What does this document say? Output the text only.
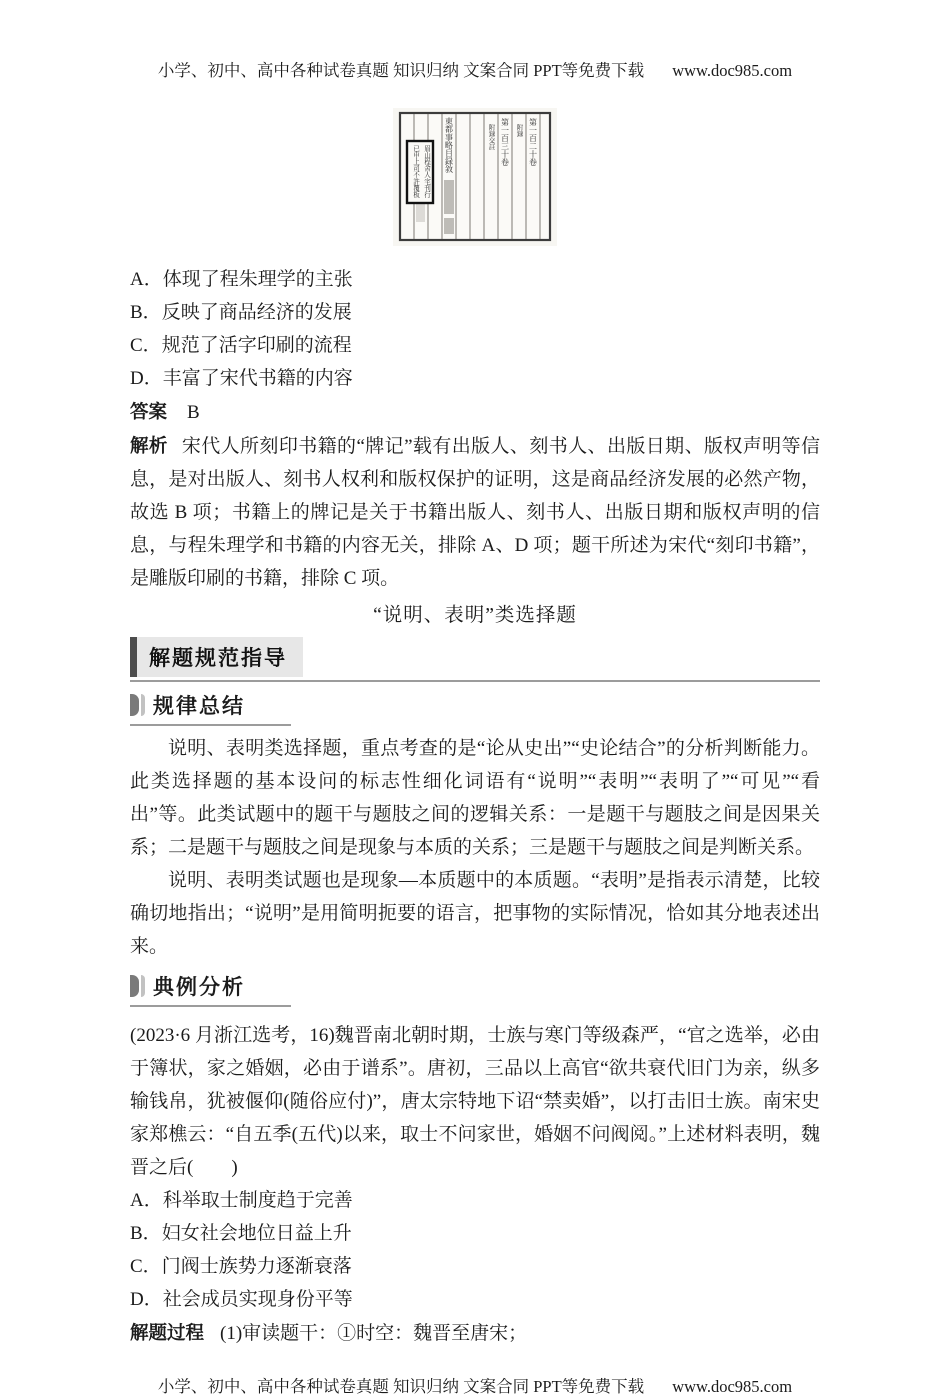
小学、初中、高中各种试卷真题 知识归纳 文案合同 PPT等免费下载 www.doc985.com
第一百二十卷
附録
第一百三十卷
附録交註
東都事略目録敘
眉山程舍人宅刊行
已申上司不許覆板
A．体现了程朱理学的主张
B．反映了商品经济的发展
C．规范了活字印刷的流程
D．丰富了宋代书籍的内容
答案 B

解析 宋代人所刻印书籍的“牌记”载有出版人、刻书人、出版日期、版权声明等信息，是对出版人、刻书人权利和版权保护的证明，这是商品经济发展的必然产物，故选 B 项；书籍上的牌记是关于书籍出版人、刻书人、出版日期和版权声明的信息，与程朱理学和书籍的内容无关，排除 A、D 项；题干所述为宋代“刻印书籍”，是雕版印刷的书籍，排除 C 项。

“说明、表明”类选择题
解题规范指导
规律总结

说明、表明类选择题，重点考查的是“论从史出”“史论结合”的分析判断能力。此类选择题的基本设问的标志性细化词语有“说明”“表明”“表明了”“可见”“看出”等。此类试题中的题干与题肢之间的逻辑关系：一是题干与题肢之间是因果关系；二是题干与题肢之间是现象与本质的关系；三是题干与题肢之间是判断关系。

说明、表明类试题也是现象—本质题中的本质题。“表明”是指表示清楚，比较确切地指出；“说明”是用简明扼要的语言，把事物的实际情况，恰如其分地表述出来。

典例分析

(2023·6 月浙江选考，16)魏晋南北朝时期，士族与寒门等级森严，“官之选举，必由于簿状，家之婚姻，必由于谱系”。唐初，三品以上高官“欲共衰代旧门为亲，纵多输钱帛，犹被偃仰(随俗应付)”，唐太宗特地下诏“禁卖婚”，以打击旧士族。南宋史家郑樵云：“自五季(五代)以来，取士不问家世，婚姻不问阀阅。”上述材料表明，魏晋之后(　　)

A．科举取士制度趋于完善
B．妇女社会地位日益上升
C．门阀士族势力逐渐衰落
D．社会成员实现身份平等
解题过程 (1)审读题干：①时空：魏晋至唐宋；
小学、初中、高中各种试卷真题 知识归纳 文案合同 PPT等免费下载 www.doc985.com
